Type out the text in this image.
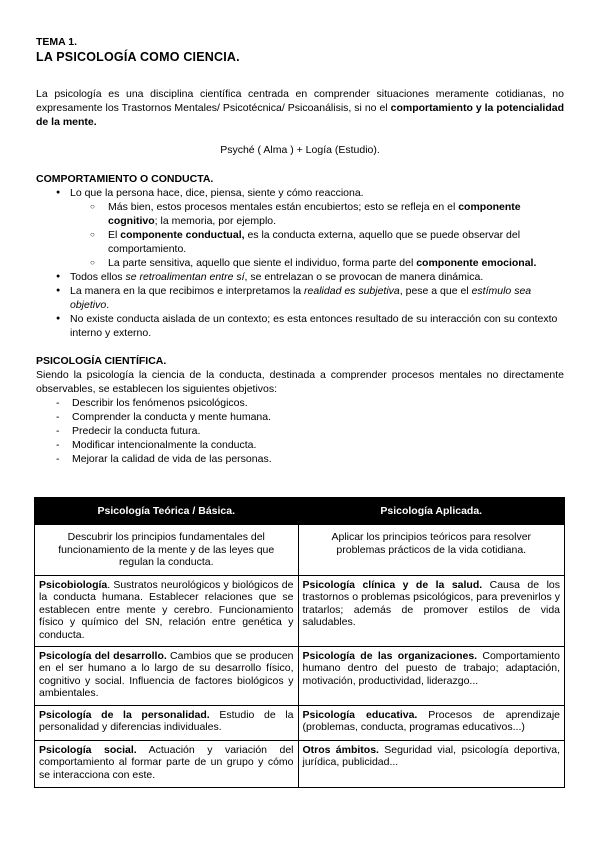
TEMA 1.
LA PSICOLOGÍA COMO CIENCIA.

La psicología es una disciplina científica centrada en comprender situaciones meramente cotidianas, no expresamente los Trastornos Mentales/ Psicotécnica/ Psicoanálisis, si no el comportamiento y la potencialidad de la mente.

Psyché ( Alma ) + Logía (Estudio).

COMPORTAMIENTO O CONDUCTA.
● Lo que la persona hace, dice, piensa, siente y cómo reacciona.
○ Más bien, estos procesos mentales están encubiertos; esto se refleja en el componente cognitivo; la memoria, por ejemplo.
○ El componente conductual, es la conducta externa, aquello que se puede observar del comportamiento.
○ La parte sensitiva, aquello que siente el individuo, forma parte del componente emocional.
● Todos ellos se retroalimentan entre sí, se entrelazan o se provocan de manera dinámica.
● La manera en la que recibimos e interpretamos la realidad es subjetiva, pese a que el estímulo sea objetivo.
● No existe conducta aislada de un contexto; es esta entonces resultado de su interacción con su contexto interno y externo.
PSICOLOGÍA CIENTÍFICA.

Siendo la psicología la ciencia de la conducta, destinada a comprender procesos mentales no directamente observables, se establecen los siguientes objetivos:

- Describir los fenómenos psicológicos.
- Comprender la conducta y mente humana.
- Predecir la conducta futura.
- Modificar intencionalmente la conducta.
- Mejorar la calidad de vida de las personas.
Psicología Teórica / Básica.	Psicología Aplicada.
Descubrir los principios fundamentales del funcionamiento de la mente y de las leyes que regulan la conducta.	Aplicar los principios teóricos para resolver problemas prácticos de la vida cotidiana.
Psicobiología. Sustratos neurológicos y biológicos de la conducta humana. Establecer relaciones que se establecen entre mente y cerebro. Funcionamiento físico y químico del SN, relación entre genética y conducta.	Psicología clínica y de la salud. Causa de los trastornos o problemas psicológicos, para prevenirlos y tratarlos; además de promover estilos de vida saludables.
Psicología del desarrollo. Cambios que se producen en el ser humano a lo largo de su desarrollo físico, cognitivo y social. Influencia de factores biológicos y ambientales.	Psicología de las organizaciones. Comportamiento humano dentro del puesto de trabajo; adaptación, motivación, productividad, liderazgo...
Psicología de la personalidad. Estudio de la personalidad y diferencias individuales.	Psicología educativa. Procesos de aprendizaje (problemas, conducta, programas educativos...)
Psicología social. Actuación y variación del comportamiento al formar parte de un grupo y cómo se interacciona con este.	Otros ámbitos. Seguridad vial, psicología deportiva, jurídica, publicidad...
